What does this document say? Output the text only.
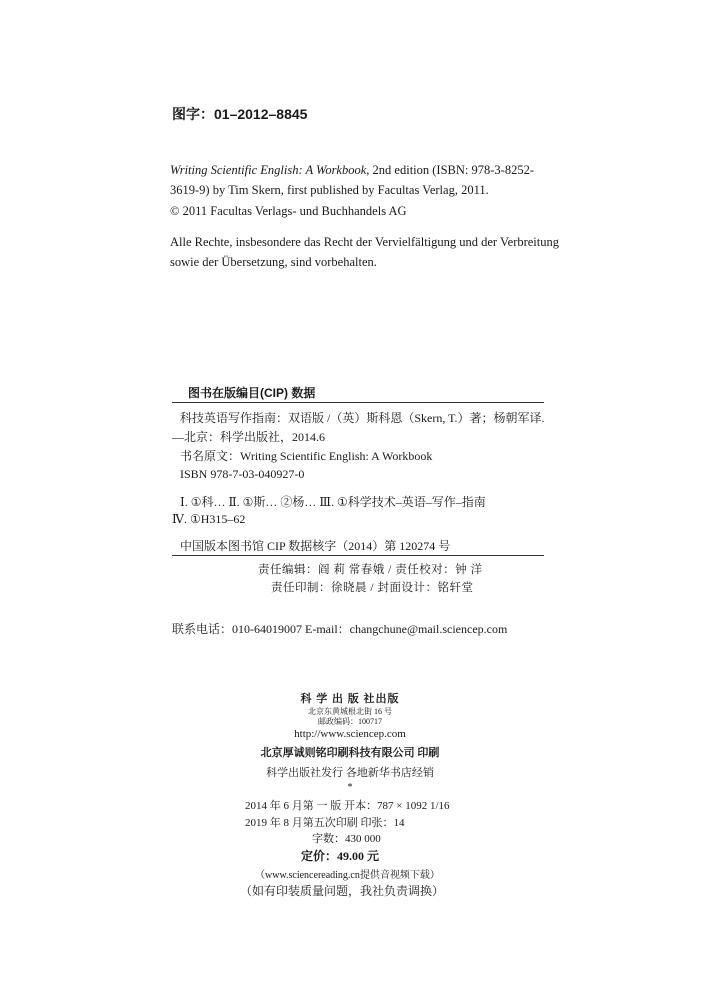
图字：01–2012–8845
Writing Scientific English: A Workbook, 2nd edition (ISBN: 978-3-8252-3619-9) by Tim Skern, first published by Facultas Verlag, 2011.
© 2011 Facultas Verlags- und Buchhandels AG
Alle Rechte, insbesondere das Recht der Vervielfältigung und der Verbreitung sowie der Übersetzung, sind vorbehalten.
图书在版编目(CIP) 数据
科技英语写作指南：双语版 /（英）斯科恩（Skern, T.）著；杨朝军译.
—北京：科学出版社，2014.6
书名原文：Writing Scientific English: A Workbook
ISBN 978-7-03-040927-0
Ⅰ. ①科… Ⅱ. ①斯… ②杨… Ⅲ. ①科学技术–英语–写作–指南
Ⅳ. ①H315–62
中国版本图书馆 CIP 数据核字（2014）第 120274 号
责任编辑：阎 莉 常春娥 / 责任校对：钟 洋
责任印制：徐晓晨 / 封面设计：铭轩堂
联系电话：010-64019007 E-mail：changchune@mail.sciencep.com
科 学 出 版 社出版
北京东黄城根北街 16 号
邮政编码：100717
http://www.sciencep.com
北京厚诚则铭印刷科技有限公司 印刷
科学出版社发行 各地新华书店经销
*
2014 年 6 月第 一 版 开本：787 × 1092 1/16
2019 年 8 月第五次印刷 印张：14
字数：430 000
定价：49.00 元
（www.sciencereading.cn提供音视频下载）
（如有印装质量问题，我社负责调换）
